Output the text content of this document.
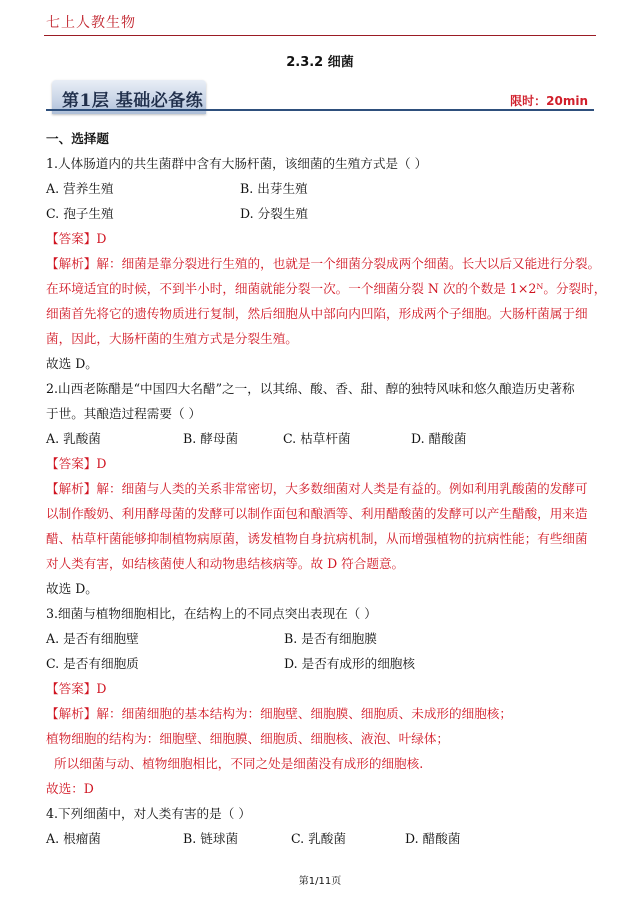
七上人教生物
2.3.2 细菌
第1层 基础必备练	限时：20min
一、选择题

1.人体肠道内的共生菌群中含有大肠杆菌，该细菌的生殖方式是（ ）

A. 营养生殖	B. 出芽生殖
C. 孢子生殖	D. 分裂生殖

【答案】D

【解析】解：细菌是靠分裂进行生殖的，也就是一个细菌分裂成两个细菌。长大以后又能进行分裂。

在环境适宜的时候，不到半小时，细菌就能分裂一次。一个细菌分裂 N 次的个数是 1×2ᴺ。分裂时，

细菌首先将它的遗传物质进行复制，然后细胞从中部向内凹陷，形成两个子细胞。大肠杆菌属于细

菌，因此，大肠杆菌的生殖方式是分裂生殖。

故选 D。

2.山西老陈醋是“中国四大名醋”之一，以其绵、酸、香、甜、醇的独特风味和悠久酿造历史著称

于世。其酿造过程需要（ ）

A. 乳酸菌	B. 酵母菌	C. 枯草杆菌	D. 醋酸菌

【答案】D

【解析】解：细菌与人类的关系非常密切，大多数细菌对人类是有益的。例如利用乳酸菌的发酵可

以制作酸奶、利用酵母菌的发酵可以制作面包和酿酒等、利用醋酸菌的发酵可以产生醋酸，用来造

醋、枯草杆菌能够抑制植物病原菌，诱发植物自身抗病机制，从而增强植物的抗病性能；有些细菌

对人类有害，如结核菌使人和动物患结核病等。故 D 符合题意。

故选 D。

3.细菌与植物细胞相比，在结构上的不同点突出表现在（ ）

A. 是否有细胞壁	B. 是否有细胞膜
C. 是否有细胞质	D. 是否有成形的细胞核

【答案】D

【解析】解：细菌细胞的基本结构为：细胞壁、细胞膜、细胞质、未成形的细胞核；

植物细胞的结构为：细胞壁、细胞膜、细胞质、细胞核、液泡、叶绿体；

所以细菌与动、植物细胞相比，不同之处是细菌没有成形的细胞核.

故选：D

4.下列细菌中，对人类有害的是（ ）

A. 根瘤菌	B. 链球菌	C. 乳酸菌	D. 醋酸菌
第1/11页
